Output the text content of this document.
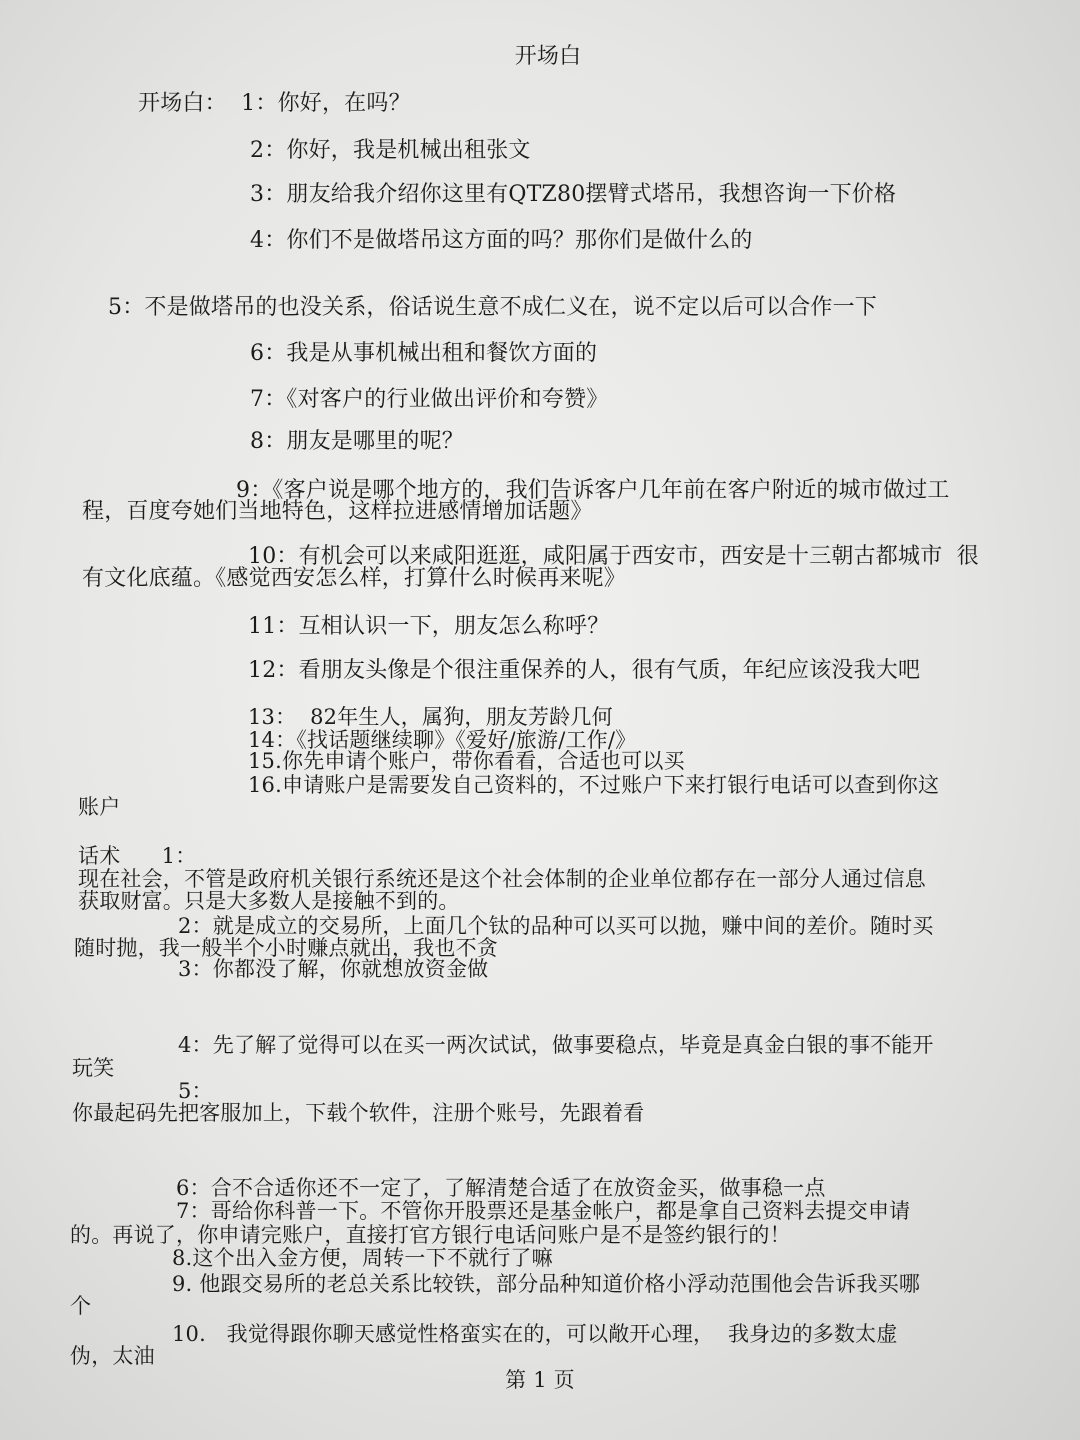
开场白
开场白：  1：你好，在吗？
2：你好，我是机械出租张文
3：朋友给我介绍你这里有QTZ80摆臂式塔吊，我想咨询一下价格
4：你们不是做塔吊这方面的吗？那你们是做什么的
5：不是做塔吊的也没关系，俗话说生意不成仁义在，说不定以后可以合作一下
6：我是从事机械出租和餐饮方面的
7：《对客户的行业做出评价和夸赞》
8：朋友是哪里的呢？
9：《客户说是哪个地方的，我们告诉客户几年前在客户附近的城市做过工
程，百度夸她们当地特色，这样拉进感情增加话题》
10：有机会可以来咸阳逛逛，咸阳属于西安市，西安是十三朝古都城市  很
有文化底蕴。《感觉西安怎么样，打算什么时候再来呢》
11：互相认识一下，朋友怎么称呼？
12：看朋友头像是个很注重保养的人，很有气质，年纪应该没我大吧
13：  82年生人，属狗，朋友芳龄几何
14：《找话题继续聊》《爱好/旅游/工作/》
15.你先申请个账户，带你看看，合适也可以买
16.申请账户是需要发自己资料的，不过账户下来打银行电话可以查到你这
账户
话术      1：
现在社会，不管是政府机关银行系统还是这个社会体制的企业单位都存在一部分人通过信息
获取财富。只是大多数人是接触不到的。
2：就是成立的交易所，上面几个钛的品种可以买可以抛，赚中间的差价。随时买
随时抛，我一般半个小时赚点就出，我也不贪
3：你都没了解，你就想放资金做
4：先了解了觉得可以在买一两次试试，做事要稳点，毕竟是真金白银的事不能开
玩笑
5：
你最起码先把客服加上，下载个软件，注册个账号，先跟着看
6：合不合适你还不一定了，了解清楚合适了在放资金买，做事稳一点
7：哥给你科普一下。不管你开股票还是基金帐户，都是拿自己资料去提交申请
的。再说了，你申请完账户，直接打官方银行电话问账户是不是签约银行的！
8.这个出入金方便，周转一下不就行了嘛
9. 他跟交易所的老总关系比较铁，部分品种知道价格小浮动范围他会告诉我买哪
个
10.   我觉得跟你聊天感觉性格蛮实在的，可以敞开心理，  我身边的多数太虚
伪，太油
第 1 页
